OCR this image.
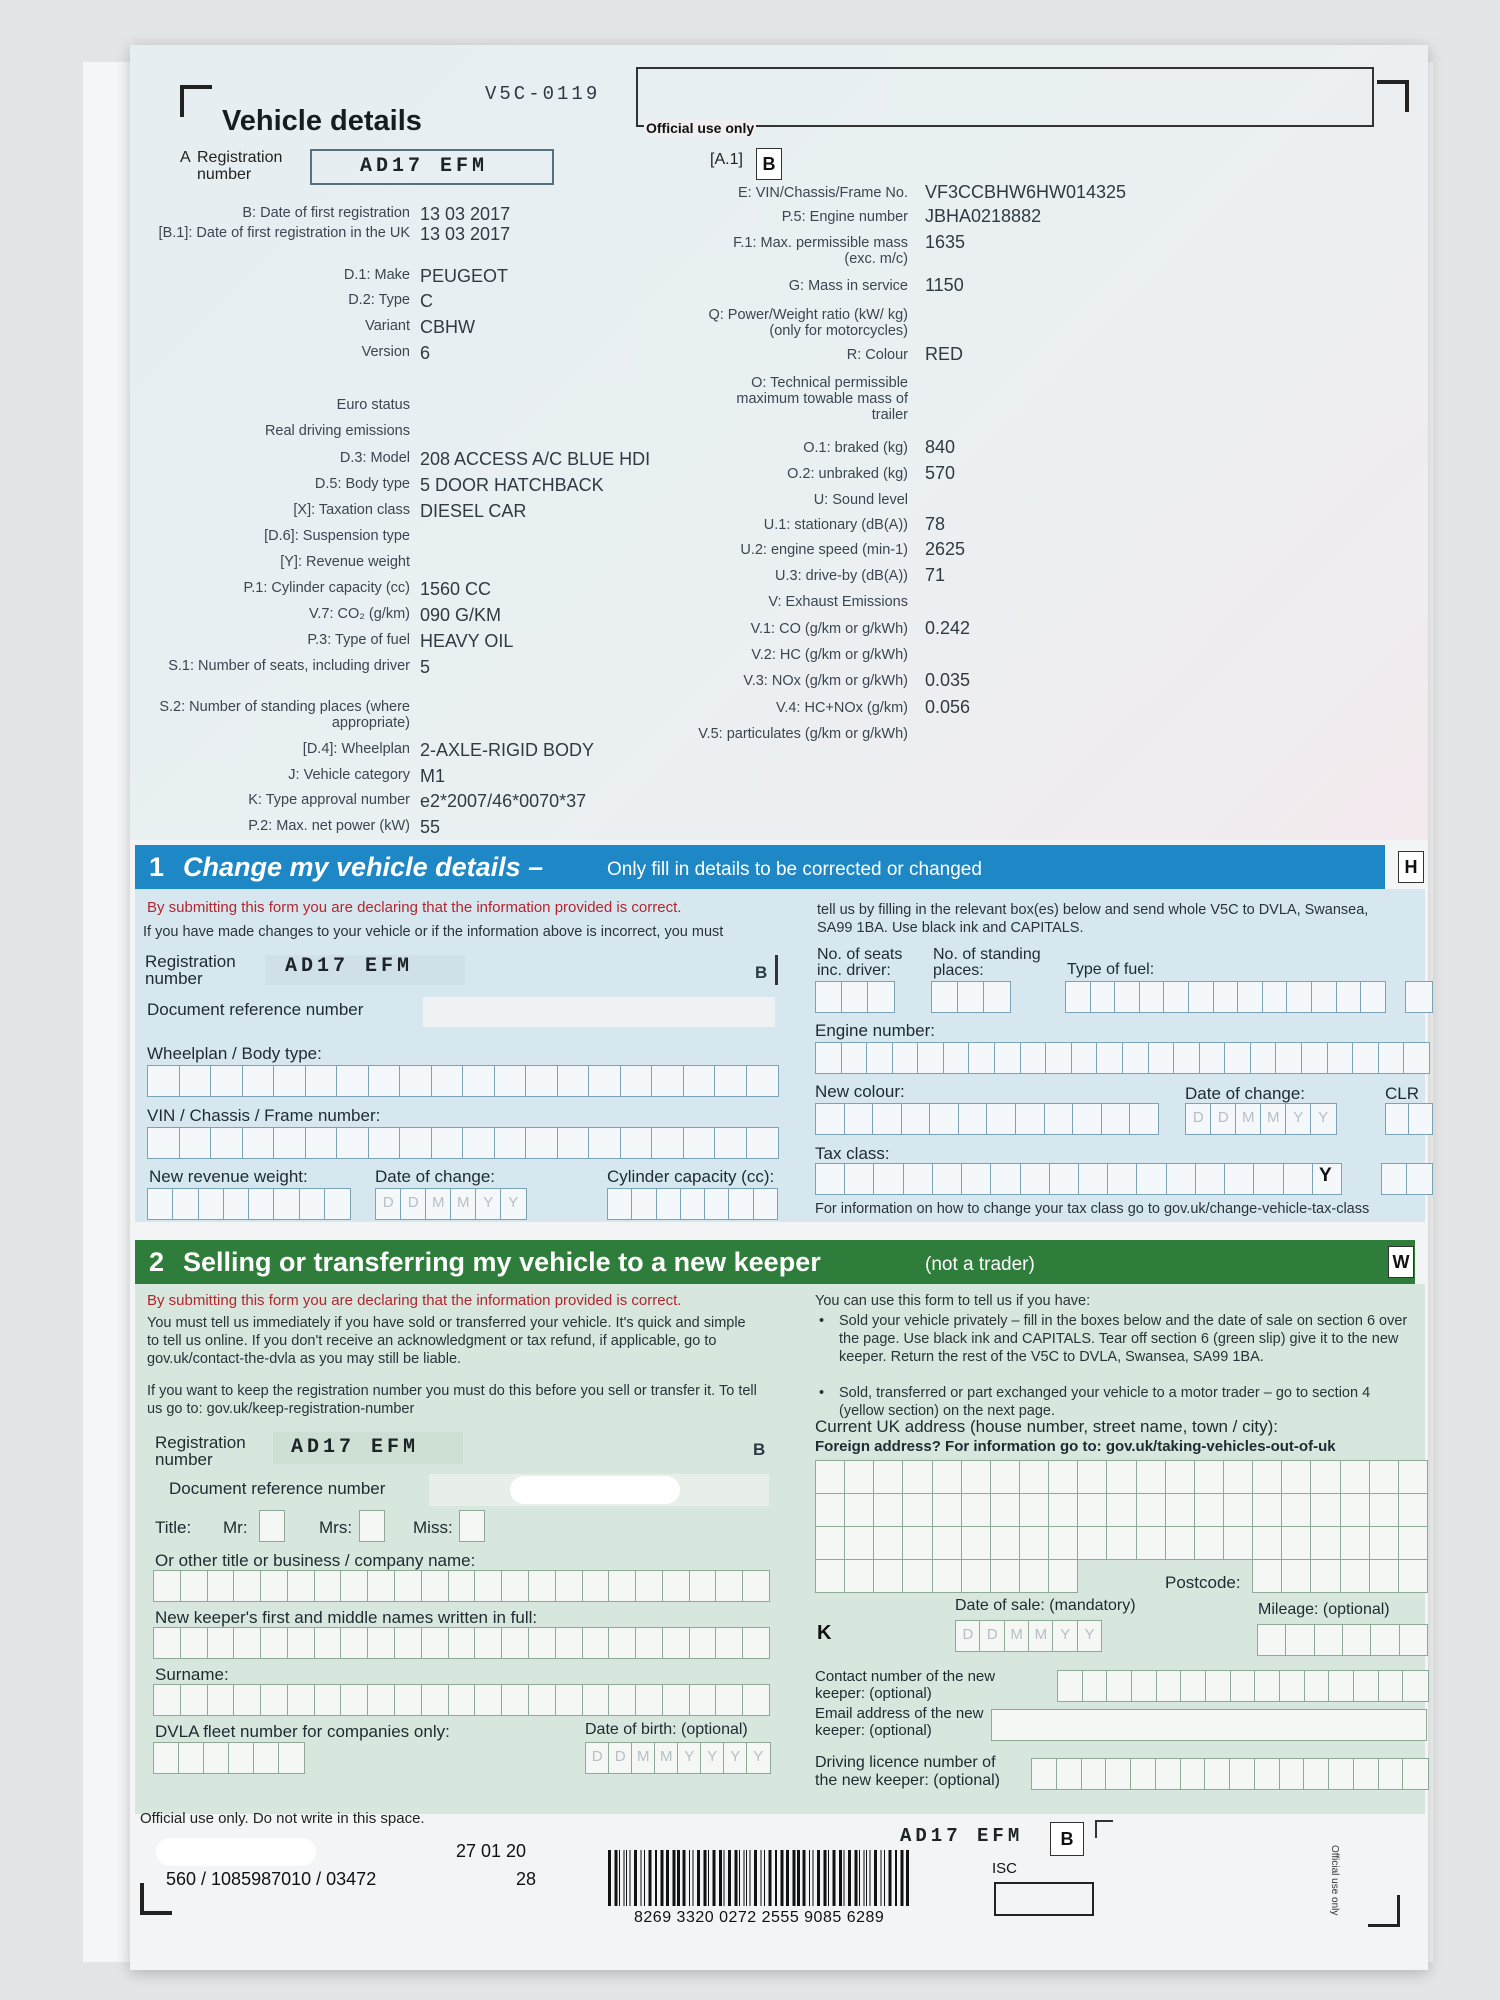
V5C-0119
Official use only
Vehicle details
A Registration number	AD17 EFM	[A.1]	B
1 Change my vehicle details –	Only fill in details to be corrected or changed	H
By submitting this form you are declaring that the information provided is correct.
If you have made changes to your vehicle or if the information above is incorrect, you must
tell us by filling in the relevant box(es) below and send whole V5C to DVLA, Swansea, SA99 1BA. Use black ink and CAPITALS.
Registration number
AD17 EFM	B
Document reference number
Wheelplan / Body type:
VIN / Chassis / Frame number:
New revenue weight:	Date of change:
D D M M Y Y
Cylinder capacity (cc):
No. of seats inc. driver:
No. of standing places:	Type of fuel:
Engine number:
New colour:	Date of change:
D D M M Y Y
CLR
Tax class:
Y
For information on how to change your tax class go to gov.uk/change-vehicle-tax-class
2 Selling or transferring my vehicle to a new keeper	(not a trader)	W
By submitting this form you are declaring that the information provided is correct.
You must tell us immediately if you have sold or transferred your vehicle. It's quick and simple to tell us online. If you don't receive an acknowledgment or tax refund, if applicable, go to gov.uk/contact-the-dvla as you may still be liable.
If you want to keep the registration number you must do this before you sell or transfer it. To tell us go to: gov.uk/keep-registration-number
You can use this form to tell us if you have:
• Sold your vehicle privately – fill in the boxes below and the date of sale on section 6 over the page. Use black ink and CAPITALS. Tear off section 6 (green slip) give it to the new keeper. Return the rest of the V5C to DVLA, Swansea, SA99 1BA.
• Sold, transferred or part exchanged your vehicle to a motor trader – go to section 4 (yellow section) on the next page.
Registration number
AD17 EFM	B
Document reference number
Title: Mr:	Mrs:	Miss:
Or other title or business / company name:
New keeper's first and middle names written in full:
Surname:
DVLA fleet number for companies only:	Date of birth: (optional)
D D M M Y Y Y Y
Current UK address (house number, street name, town / city):
Foreign address? For information go to: gov.uk/taking-vehicles-out-of-uk
Postcode:
Date of sale: (mandatory)	Mileage: (optional)
K	D D M M Y Y
Contact number of the new keeper: (optional)
Email address of the new keeper: (optional)
Driving licence number of the new keeper: (optional)
Official use only. Do not write in this space.
560 / 1085987010 / 03472
27 01 20
28
8269 3320 0272 2555 9085 6289
AD17 EFM	B
ISC	Official use only
B: Date of first registration 13 03 2017
[B.1]: Date of first registration in the UK 13 03 2017
D.1: Make PEUGEOT
D.2: Type C
Variant CBHW
Version 6
Euro status
Real driving emissions
D.3: Model 208 ACCESS A/C BLUE HDI
D.5: Body type 5 DOOR HATCHBACK
[X]: Taxation class DIESEL CAR
[D.6]: Suspension type
[Y]: Revenue weight
P.1: Cylinder capacity (cc) 1560 CC
V.7: CO₂ (g/km) 090 G/KM
P.3: Type of fuel HEAVY OIL
S.1: Number of seats, including driver 5
S.2: Number of standing places (where appropriate)
[D.4]: Wheelplan 2-AXLE-RIGID BODY
J: Vehicle category M1
K: Type approval number e2*2007/46*0070*37
P.2: Max. net power (kW) 55
E: VIN/Chassis/Frame No. VF3CCBHW6HW014325
P.5: Engine number JBHA0218882
F.1: Max. permissible mass (exc. m/c)
1635
G: Mass in service 1150
Q: Power/Weight ratio (kW/ kg) (only for motorcycles)
R: Colour RED
O: Technical permissible maximum towable mass of trailer
O.1: braked (kg) 840
O.2: unbraked (kg) 570
U: Sound level
U.1: stationary (dB(A)) 78
U.2: engine speed (min-1) 2625
U.3: drive-by (dB(A)) 71
V: Exhaust Emissions
V.1: CO (g/km or g/kWh) 0.242
V.2: HC (g/km or g/kWh)
V.3: NOx (g/km or g/kWh) 0.035
V.4: HC+NOx (g/km) 0.056
V.5: particulates (g/km or g/kWh)
